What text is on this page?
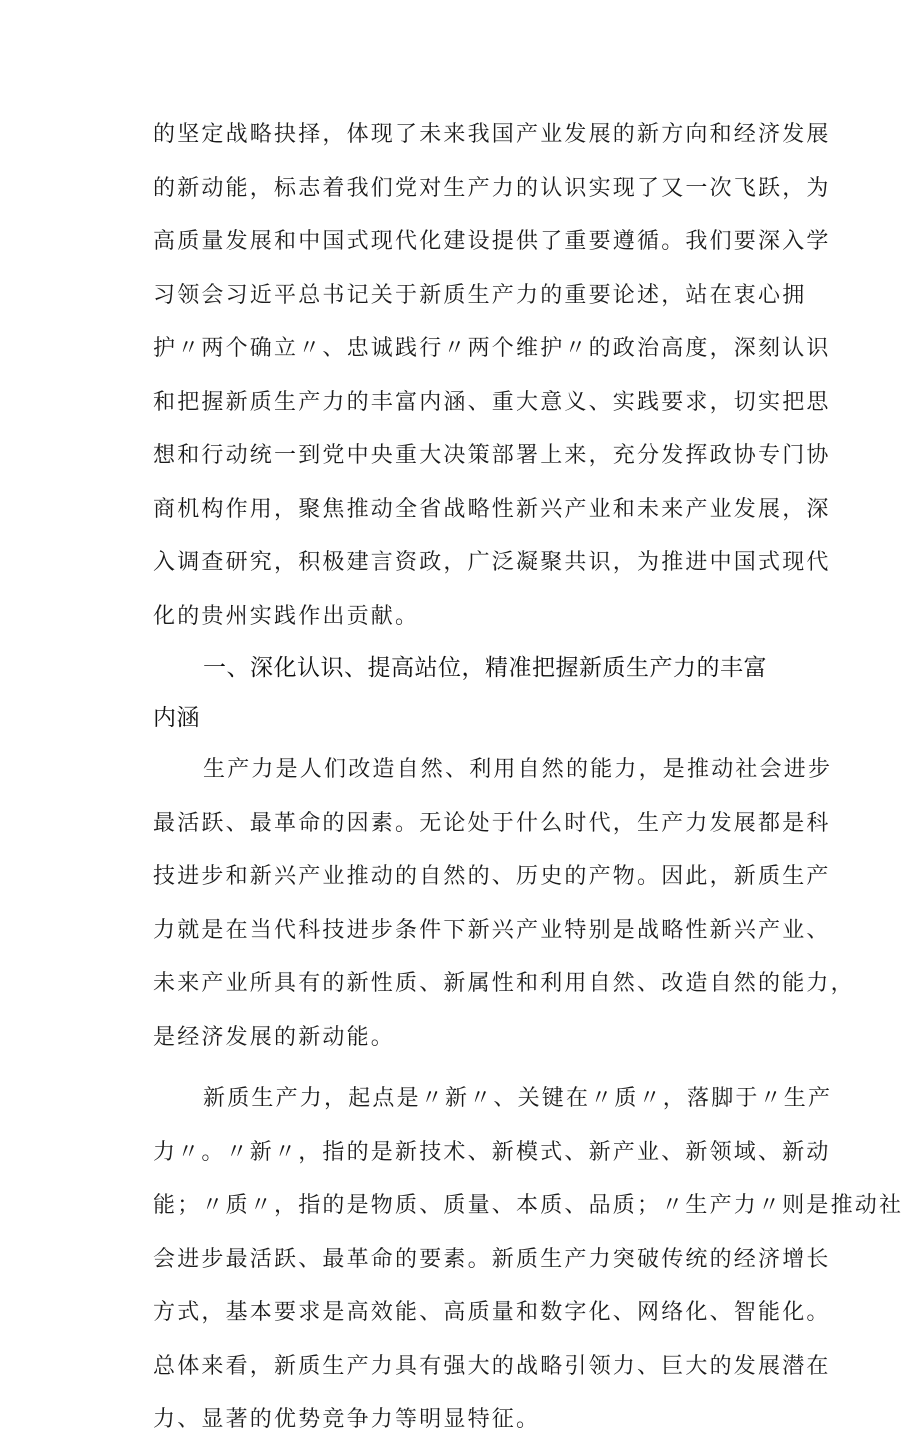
的坚定战略抉择，体现了未来我国产业发展的新方向和经济发展
的新动能，标志着我们党对生产力的认识实现了又一次飞跃，为
高质量发展和中国式现代化建设提供了重要遵循。我们要深入学
习领会习近平总书记关于新质生产力的重要论述，站在衷心拥
护〃两个确立〃、忠诚践行〃两个维护〃的政治高度，深刻认识
和把握新质生产力的丰富内涵、重大意义、实践要求，切实把思
想和行动统一到党中央重大决策部署上来，充分发挥政协专门协
商机构作用，聚焦推动全省战略性新兴产业和未来产业发展，深
入调查研究，积极建言资政，广泛凝聚共识，为推进中国式现代
化的贵州实践作出贡献。
一、深化认识、提高站位，精准把握新质生产力的丰富
内涵
生产力是人们改造自然、利用自然的能力，是推动社会进步
最活跃、最革命的因素。无论处于什么时代，生产力发展都是科
技进步和新兴产业推动的自然的、历史的产物。因此，新质生产
力就是在当代科技进步条件下新兴产业特别是战略性新兴产业、
未来产业所具有的新性质、新属性和利用自然、改造自然的能力，
是经济发展的新动能。
新质生产力，起点是〃新〃、关键在〃质〃，落脚于〃生产
力〃。〃新〃，指的是新技术、新模式、新产业、新领域、新动
能；〃质〃，指的是物质、质量、本质、品质；〃生产力〃则是推动社
会进步最活跃、最革命的要素。新质生产力突破传统的经济增长
方式，基本要求是高效能、高质量和数字化、网络化、智能化。
总体来看，新质生产力具有强大的战略引领力、巨大的发展潜在
力、显著的优势竞争力等明显特征。
